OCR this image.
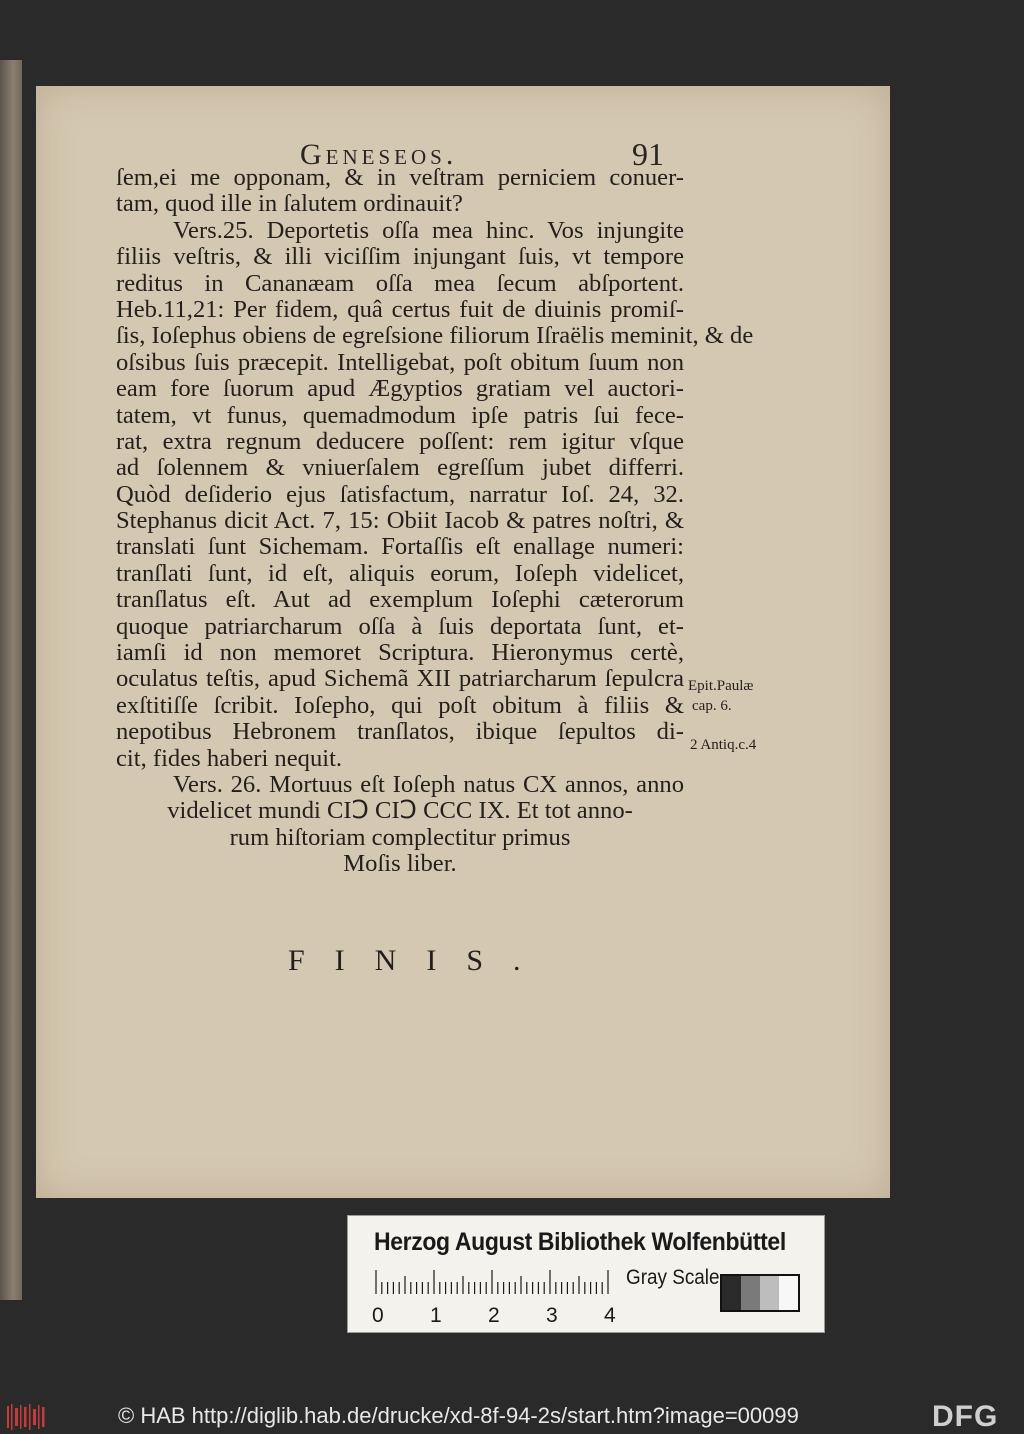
Geneseos.	91
ſem,ei me opponam, & in veſtram perniciem conuer-
tam, quod ille in ſalutem ordinauit?
Vers.25. Deportetis oſſa mea hinc. Vos injungite
filiis veſtris, & illi viciſſim injungant ſuis, vt tempore
reditus in Cananæam oſſa mea ſecum abſportent.
Heb.11,21: Per fidem, quâ certus fuit de diuinis promiſ-
ſis, Ioſephus obiens de egreſsione filiorum Iſraëlis meminit, & de
oſsibus ſuis præcepit. Intelligebat, poſt obitum ſuum non
eam fore ſuorum apud Ægyptios gratiam vel auctori-
tatem, vt funus, quemadmodum ipſe patris ſui fece-
rat, extra regnum deducere poſſent: rem igitur vſque
ad ſolennem & vniuerſalem egreſſum jubet differri.
Quòd deſiderio ejus ſatisfactum, narratur Ioſ. 24, 32.
Stephanus dicit Act. 7, 15: Obiit Iacob & patres noſtri, &
translati ſunt Sichemam. Fortaſſis eſt enallage numeri:
tranſlati ſunt, id eſt, aliquis eorum, Ioſeph videlicet,
tranſlatus eſt. Aut ad exemplum Ioſephi cæterorum
quoque patriarcharum oſſa à ſuis deportata ſunt, et-
iamſi id non memoret Scriptura. Hieronymus certè,
oculatus teſtis, apud Sichemã XII patriarcharum ſepulcra
exſtitiſſe ſcribit. Ioſepho, qui poſt obitum à filiis &
nepotibus Hebronem tranſlatos, ibique ſepultos di-
cit, fides haberi nequit.
Vers. 26. Mortuus eſt Ioſeph natus CX annos, anno
videlicet mundi CIↃ CIↃ CCC IX. Et tot anno-
rum hiſtoriam complectitur primus
Moſis liber.
Epit.Paulæ
cap. 6.
2 Antiq.c.4
FINIS.
Herzog August Bibliothek Wolfenbüttel
0 1 2 3 4
Gray Scale
© HAB http://diglib.hab.de/drucke/xd-8f-94-2s/start.htm?image=00099	DFG
